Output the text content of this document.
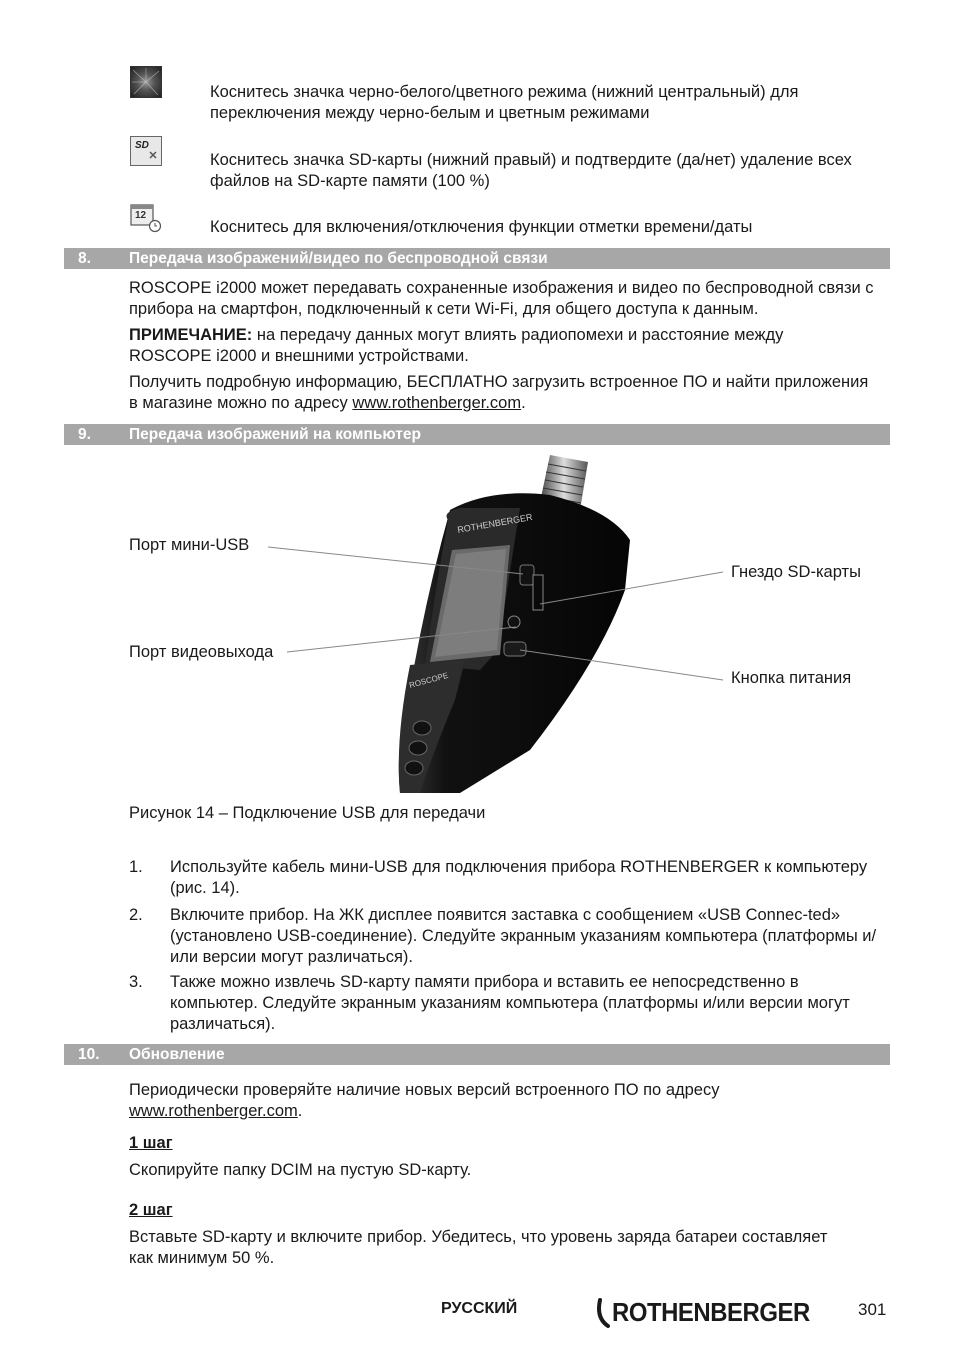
Коснитесь значка черно-белого/цветного режима (нижний центральный) для переключения между черно-белым и цветным режимами
SD
Коснитесь значка SD-карты (нижний правый) и подтвердите (да/нет) удаление всех файлов на SD-карте памяти (100 %)
12
Коснитесь для включения/отключения функции отметки времени/даты
8. Передача изображений/видео по беспроводной связи
ROSCOPE i2000 может передавать сохраненные изображения и видео по беспроводной связи с прибора на смартфон, подключенный к сети Wi-Fi, для общего доступа к данным.
ПРИМЕЧАНИЕ: на передачу данных могут влиять радиопомехи и расстояние между ROSCOPE i2000 и внешними устройствами.
Получить подробную информацию, БЕСПЛАТНО загрузить встроенное ПО и найти приложения в магазине можно по адресу www.rothenberger.com.
9. Передача изображений на компьютер
ROTHENBERGER
ROSCOPE
Порт мини-USB
Гнездо SD-карты
Порт видеовыхода
Кнопка питания
Рисунок 14 – Подключение USB для передачи
1. Используйте кабель мини-USB для подключения прибора ROTHENBERGER к компьютеру (рис. 14).
2. Включите прибор. На ЖК дисплее появится заставка с сообщением «USB Connec-ted» (установлено USB-соединение). Следуйте экранным указаниям компьютера (платформы и/или версии могут различаться).
3. Также можно извлечь SD-карту памяти прибора и вставить ее непосредственно в компьютер. Следуйте экранным указаниям компьютера (платформы и/или версии могут различаться).
10. Обновление
Периодически проверяйте наличие новых версий встроенного ПО по адресу www.rothenberger.com.
1 шаг
Скопируйте папку DCIM на пустую SD-карту.
2 шаг
Вставьте SD-карту и включите прибор. Убедитесь, что уровень заряда батареи составляет как минимум 50 %.
РУССКИЙ	ROTHENBERGER	301
